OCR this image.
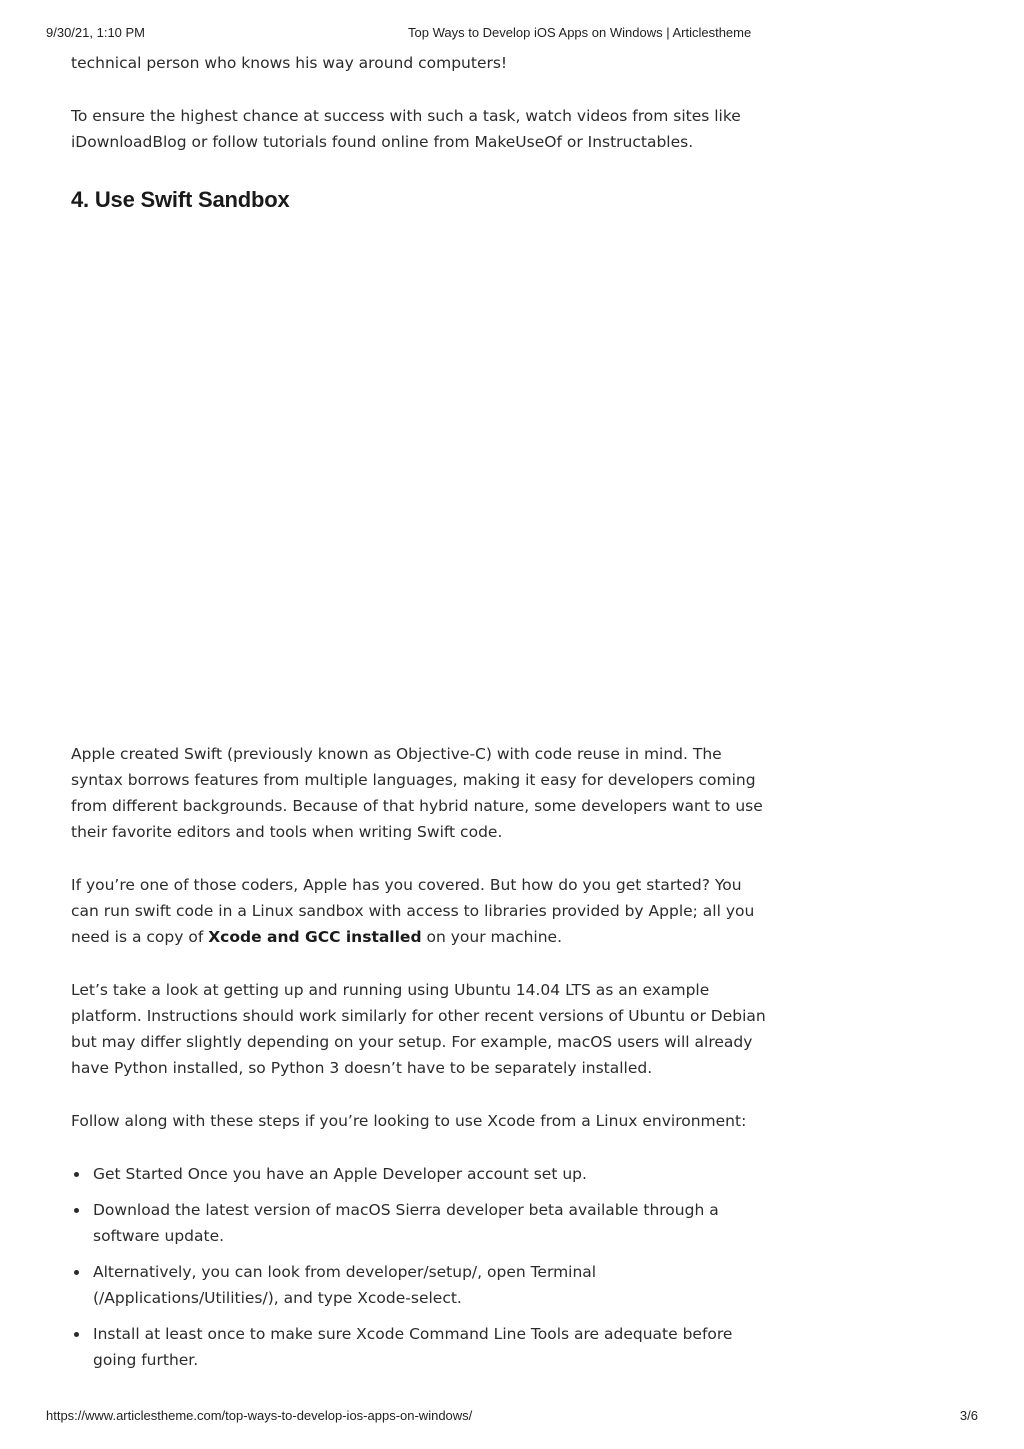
9/30/21, 1:10 PM	Top Ways to Develop iOS Apps on Windows | Articlestheme

technical person who knows his way around computers!

To ensure the highest chance at success with such a task, watch videos from sites like iDownloadBlog or follow tutorials found online from MakeUseOf or Instructables.

4. Use Swift Sandbox

Apple created Swift (previously known as Objective-C) with code reuse in mind. The syntax borrows features from multiple languages, making it easy for developers coming from different backgrounds. Because of that hybrid nature, some developers want to use their favorite editors and tools when writing Swift code.

If you’re one of those coders, Apple has you covered. But how do you get started? You can run swift code in a Linux sandbox with access to libraries provided by Apple; all you need is a copy of Xcode and GCC installed on your machine.

Let’s take a look at getting up and running using Ubuntu 14.04 LTS as an example platform. Instructions should work similarly for other recent versions of Ubuntu or Debian but may differ slightly depending on your setup. For example, macOS users will already have Python installed, so Python 3 doesn’t have to be separately installed.

Follow along with these steps if you’re looking to use Xcode from a Linux environment:

Get Started Once you have an Apple Developer account set up.
Download the latest version of macOS Sierra developer beta available through a software update.
Alternatively, you can look from developer/setup/, open Terminal (/Applications/Utilities/), and type Xcode-select.
Install at least once to make sure Xcode Command Line Tools are adequate before going further.
https://www.articlestheme.com/top-ways-to-develop-ios-apps-on-windows/	3/6
